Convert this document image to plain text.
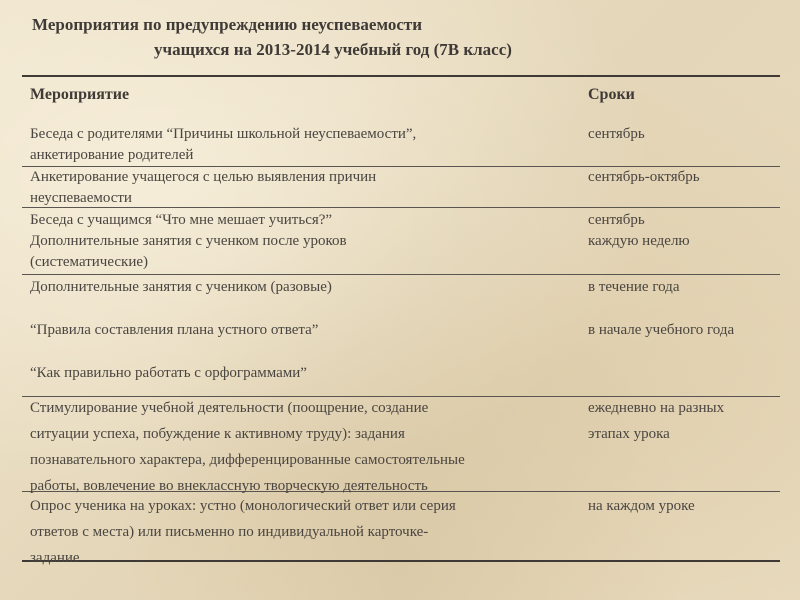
Мероприятия по предупреждению неуспеваемости
учащихся на 2013-2014 учебный год (7В класс)
Мероприятие	Сроки
Беседа с родителями “Причины школьной неуспеваемости”,
анкетирование родителей
сентябрь
Анкетирование учащегося с целью выявления причин
неуспеваемости
сентябрь-октябрь
Беседа с учащимся “Что мне мешает учиться?”
Дополнительные занятия с ученком после уроков
(систематические)
сентябрь
каждую неделю
Дополнительные занятия с учеником (разовые)
“Правила составления плана устного ответа”
“Как правильно работать с орфограммами”
в течение года
в начале учебного года
Стимулирование учебной деятельности (поощрение, создание
ситуации успеха, побуждение к активному труду): задания
познавательного характера, дифференцированные самостоятельные
работы, вовлечение во внеклассную творческую деятельность
ежедневно на разных
этапах урока
Опрос ученика на уроках: устно (монологический ответ или серия
ответов с места) или письменно по индивидуальной карточке-
задание
на каждом уроке
